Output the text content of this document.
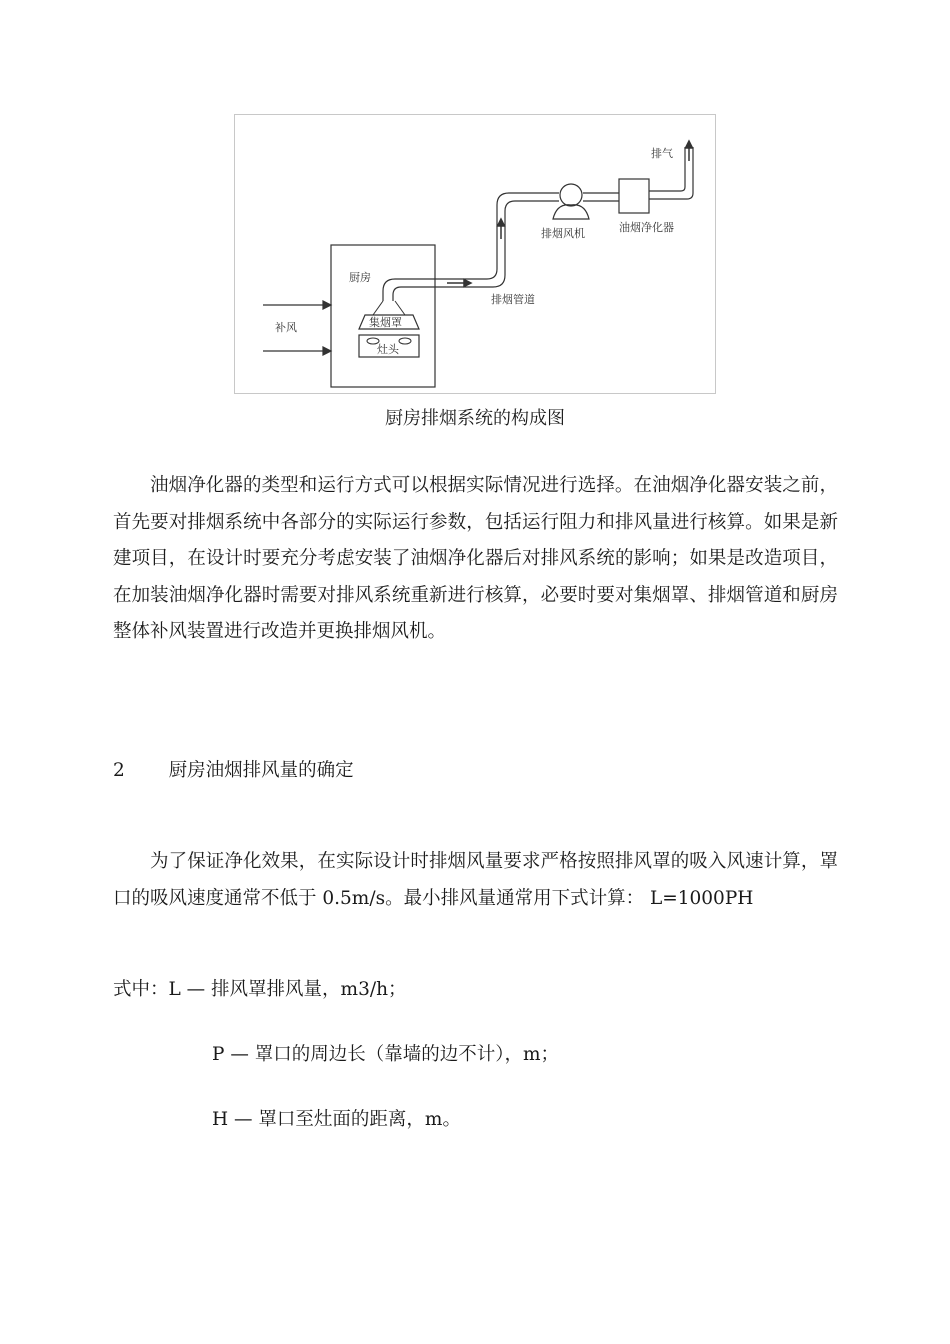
厨房
补风	集烟罩
灶头
排烟管道
排烟风机	油烟净化器
排气
厨房排烟系统的构成图
油烟净化器的类型和运行方式可以根据实际情况进行选择。在油烟净化器安装之前，首先要对排烟系统中各部分的实际运行参数，包括运行阻力和排风量进行核算。如果是新建项目，在设计时要充分考虑安装了油烟净化器后对排风系统的影响；如果是改造项目，在加装油烟净化器时需要对排风系统重新进行核算，必要时要对集烟罩、排烟管道和厨房整体补风装置进行改造并更换排烟风机。
2 厨房油烟排风量的确定
为了保证净化效果，在实际设计时排烟风量要求严格按照排风罩的吸入风速计算，罩口的吸风速度通常不低于 0.5m/s。最小排风量通常用下式计算： L=1000PH
式中：L — 排风罩排风量，m3/h；
P — 罩口的周边长（靠墙的边不计），m；
H — 罩口至灶面的距离，m。
